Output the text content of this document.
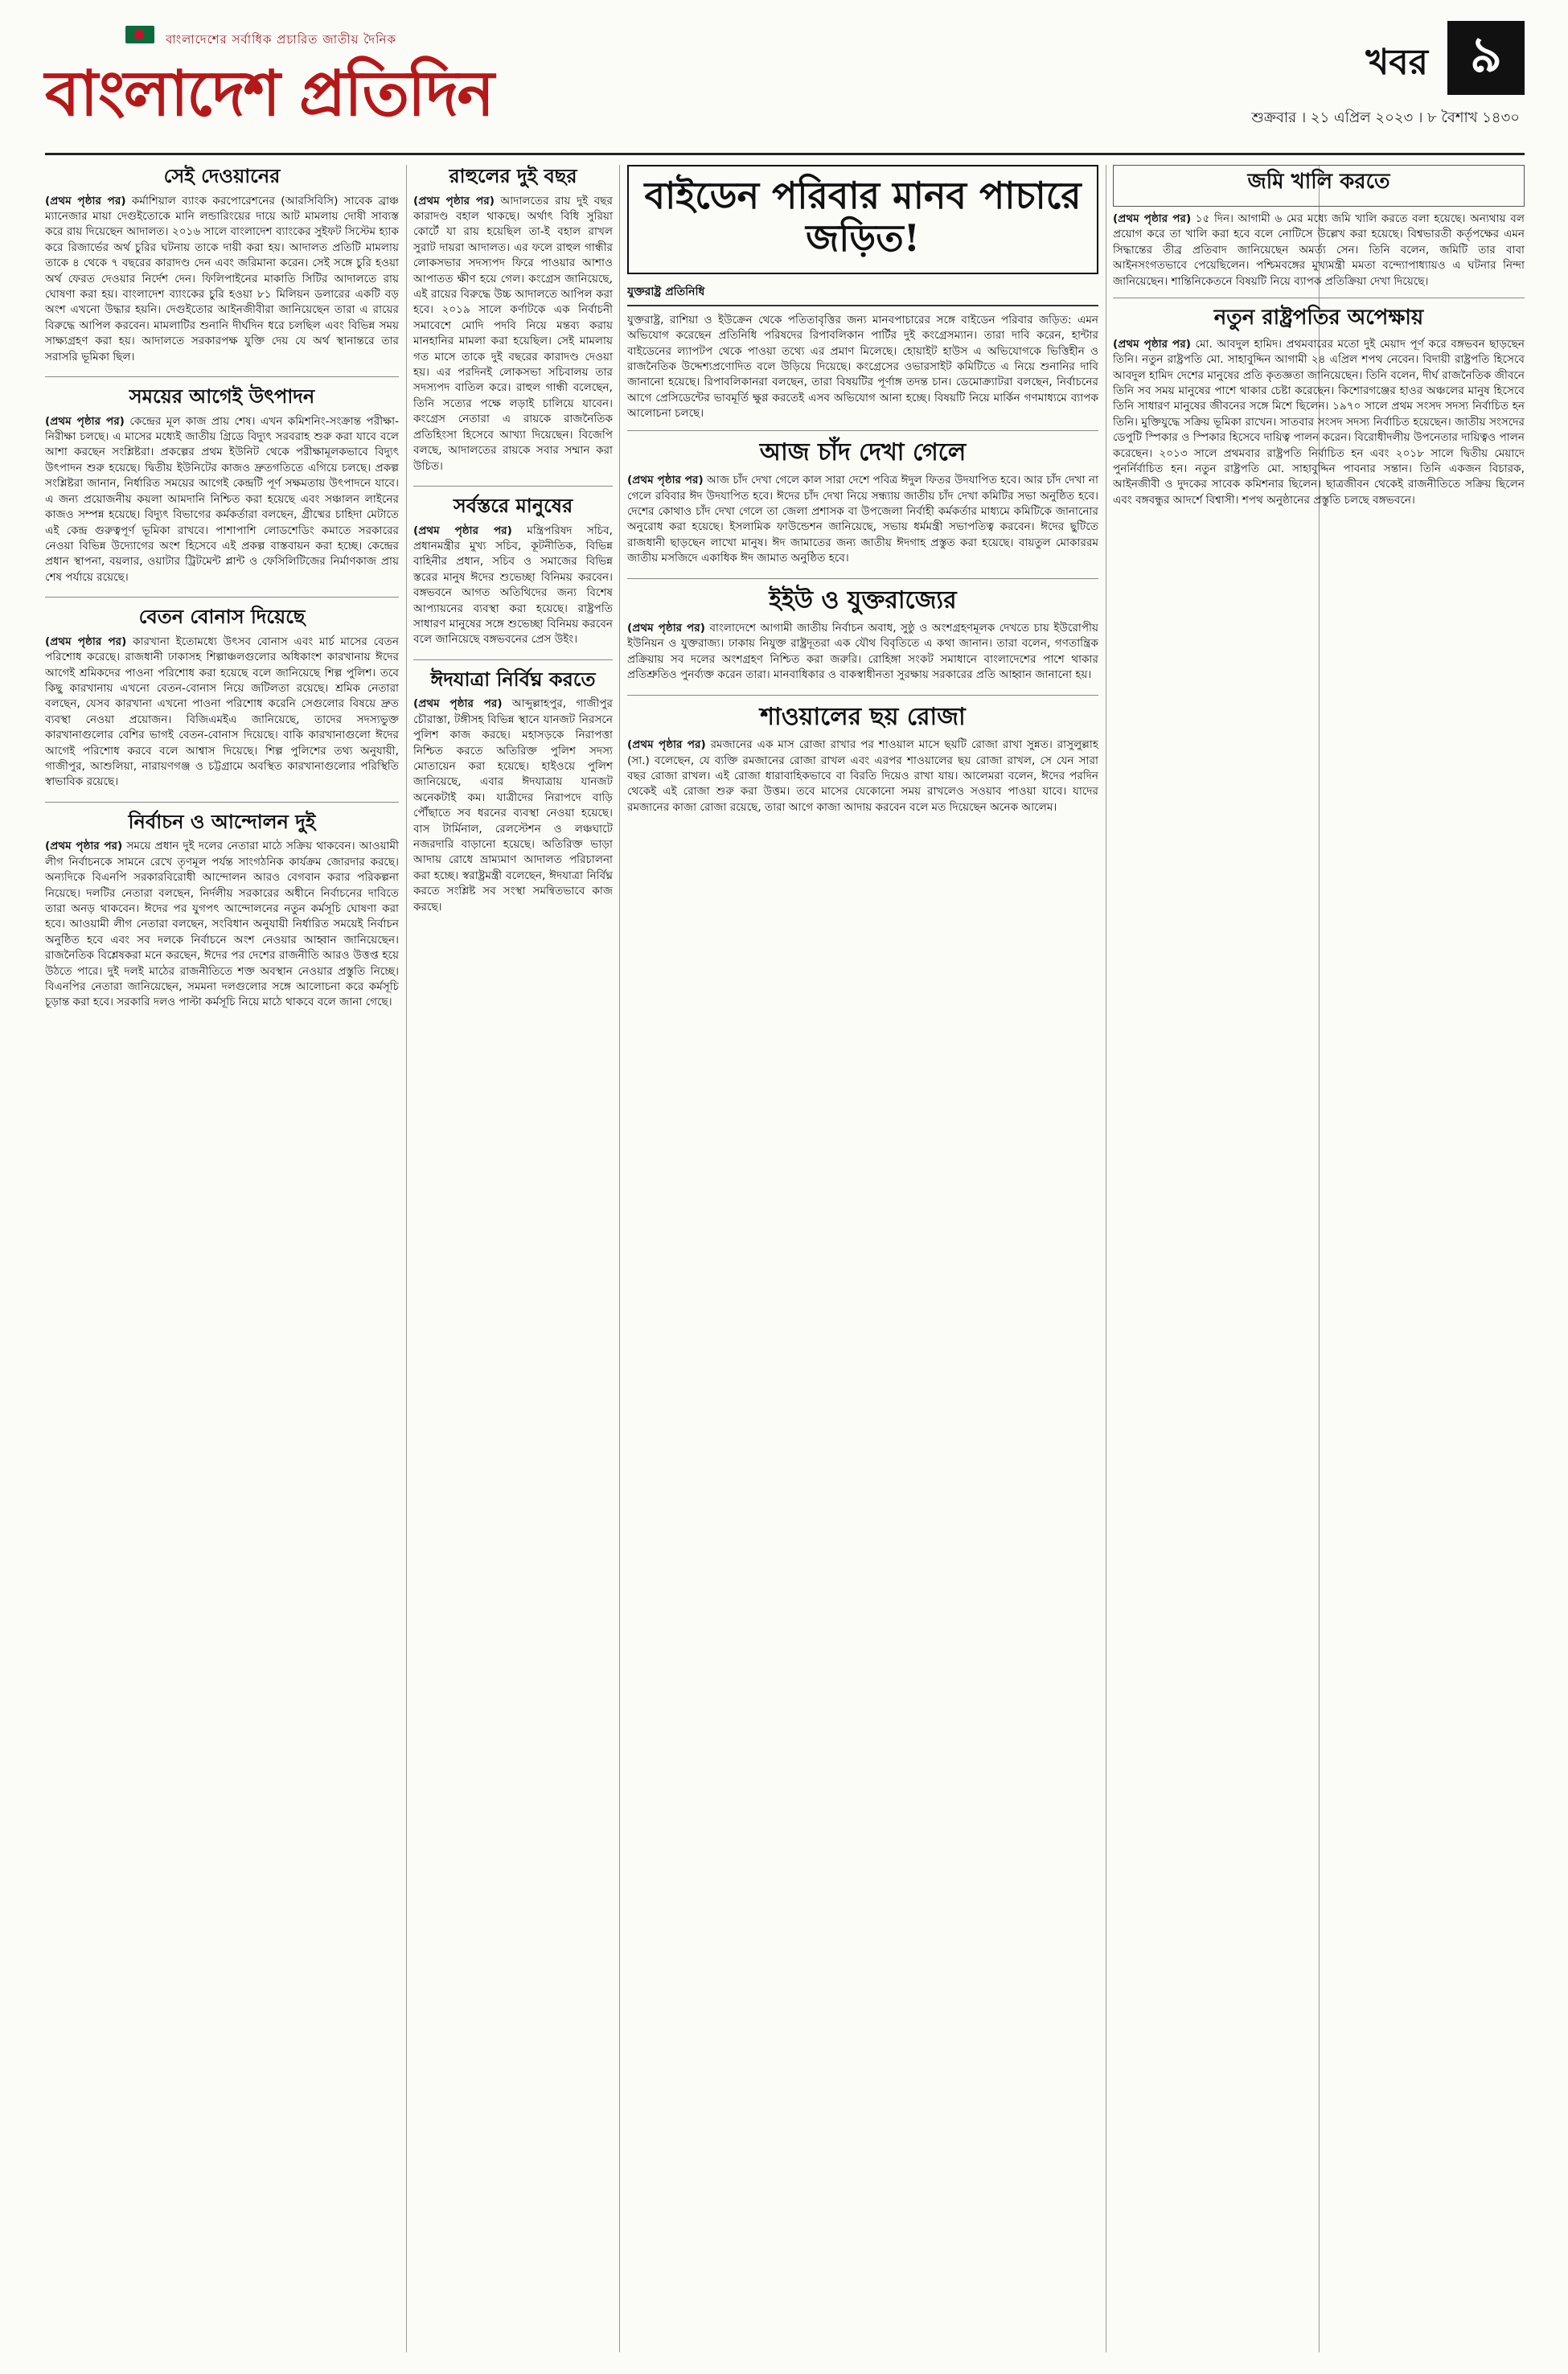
বাংলাদেশের সর্বাধিক প্রচারিত জাতীয় দৈনিক
বাংলাদেশ প্রতিদিন	খবর ৯
শুক্রবার । ২১ এপ্রিল ২০২৩ । ৮ বৈশাখ ১৪৩০
সেই দেওয়ানের

(প্রথম পৃষ্ঠার পর) কর্মাশিয়াল ব্যাংক করপোরেশনের (আরসিবিসি) সাবেক ব্রাঞ্চ ম্যানেজার মায়া দেগুইতোকে মানি লন্ডারিংয়ের দায়ে আট মামলায় দোষী সাব্যস্ত করে রায় দিয়েছেন আদালত। ২০১৬ সালে বাংলাদেশ ব্যাংকের সুইফট সিস্টেম হ্যাক করে রিজার্ভের অর্থ চুরির ঘটনায় তাকে দায়ী করা হয়। আদালত প্রতিটি মামলায় তাকে ৪ থেকে ৭ বছরের কারাদণ্ড দেন এবং জরিমানা করেন। সেই সঙ্গে চুরি হওয়া অর্থ ফেরত দেওয়ার নির্দেশ দেন। ফিলিপাইনের মাকাতি সিটির আদালতে রায় ঘোষণা করা হয়। বাংলাদেশ ব্যাংকের চুরি হওয়া ৮১ মিলিয়ন ডলারের একটি বড় অংশ এখনো উদ্ধার হয়নি। দেগুইতোর আইনজীবীরা জানিয়েছেন তারা এ রায়ের বিরুদ্ধে আপিল করবেন। মামলাটির শুনানি দীর্ঘদিন ধরে চলছিল এবং বিভিন্ন সময় সাক্ষ্যগ্রহণ করা হয়। আদালতে সরকারপক্ষ যুক্তি দেয় যে অর্থ স্থানান্তরে তার সরাসরি ভূমিকা ছিল।

সময়ের আগেই উৎপাদন

(প্রথম পৃষ্ঠার পর) কেন্দ্রের মূল কাজ প্রায় শেষ। এখন কমিশনিং-সংক্রান্ত পরীক্ষা-নিরীক্ষা চলছে। এ মাসের মধ্যেই জাতীয় গ্রিডে বিদ্যুৎ সরবরাহ শুরু করা যাবে বলে আশা করছেন সংশ্লিষ্টরা। প্রকল্পের প্রথম ইউনিট থেকে পরীক্ষামূলকভাবে বিদ্যুৎ উৎপাদন শুরু হয়েছে। দ্বিতীয় ইউনিটের কাজও দ্রুতগতিতে এগিয়ে চলছে। প্রকল্প সংশ্লিষ্টরা জানান, নির্ধারিত সময়ের আগেই কেন্দ্রটি পূর্ণ সক্ষমতায় উৎপাদনে যাবে। এ জন্য প্রয়োজনীয় কয়লা আমদানি নিশ্চিত করা হয়েছে এবং সঞ্চালন লাইনের কাজও সম্পন্ন হয়েছে। বিদ্যুৎ বিভাগের কর্মকর্তারা বলছেন, গ্রীষ্মের চাহিদা মেটাতে এই কেন্দ্র গুরুত্বপূর্ণ ভূমিকা রাখবে। পাশাপাশি লোডশেডিং কমাতে সরকারের নেওয়া বিভিন্ন উদ্যোগের অংশ হিসেবে এই প্রকল্প বাস্তবায়ন করা হচ্ছে। কেন্দ্রের প্রধান স্থাপনা, বয়লার, ওয়াটার ট্রিটমেন্ট প্লান্ট ও ফেসিলিটিজের নির্মাণকাজ প্রায় শেষ পর্যায়ে রয়েছে।

বেতন বোনাস দিয়েছে

(প্রথম পৃষ্ঠার পর) কারখানা ইতোমধ্যে উৎসব বোনাস এবং মার্চ মাসের বেতন পরিশোধ করেছে। রাজধানী ঢাকাসহ শিল্পাঞ্চলগুলোর অধিকাংশ কারখানায় ঈদের আগেই শ্রমিকদের পাওনা পরিশোধ করা হয়েছে বলে জানিয়েছে শিল্প পুলিশ। তবে কিছু কারখানায় এখনো বেতন-বোনাস নিয়ে জটিলতা রয়েছে। শ্রমিক নেতারা বলছেন, যেসব কারখানা এখনো পাওনা পরিশোধ করেনি সেগুলোর বিষয়ে দ্রুত ব্যবস্থা নেওয়া প্রয়োজন। বিজিএমইএ জানিয়েছে, তাদের সদস্যভুক্ত কারখানাগুলোর বেশির ভাগই বেতন-বোনাস দিয়েছে। বাকি কারখানাগুলো ঈদের আগেই পরিশোধ করবে বলে আশ্বাস দিয়েছে। শিল্প পুলিশের তথ্য অনুযায়ী, গাজীপুর, আশুলিয়া, নারায়ণগঞ্জ ও চট্টগ্রামে অবস্থিত কারখানাগুলোর পরিস্থিতি স্বাভাবিক রয়েছে।

নির্বাচন ও আন্দোলন দুই

(প্রথম পৃষ্ঠার পর) সময়ে প্রধান দুই দলের নেতারা মাঠে সক্রিয় থাকবেন। আওয়ামী লীগ নির্বাচনকে সামনে রেখে তৃণমূল পর্যন্ত সাংগঠনিক কার্যক্রম জোরদার করছে। অন্যদিকে বিএনপি সরকারবিরোধী আন্দোলন আরও বেগবান করার পরিকল্পনা নিয়েছে। দলটির নেতারা বলছেন, নির্দলীয় সরকারের অধীনে নির্বাচনের দাবিতে তারা অনড় থাকবেন। ঈদের পর যুগপৎ আন্দোলনের নতুন কর্মসূচি ঘোষণা করা হবে। আওয়ামী লীগ নেতারা বলছেন, সংবিধান অনুযায়ী নির্ধারিত সময়েই নির্বাচন অনুষ্ঠিত হবে এবং সব দলকে নির্বাচনে অংশ নেওয়ার আহ্বান জানিয়েছেন। রাজনৈতিক বিশ্লেষকরা মনে করছেন, ঈদের পর দেশের রাজনীতি আরও উত্তপ্ত হয়ে উঠতে পারে। দুই দলই মাঠের রাজনীতিতে শক্ত অবস্থান নেওয়ার প্রস্তুতি নিচ্ছে। বিএনপির নেতারা জানিয়েছেন, সমমনা দলগুলোর সঙ্গে আলোচনা করে কর্মসূচি চূড়ান্ত করা হবে। সরকারি দলও পাল্টা কর্মসূচি নিয়ে মাঠে থাকবে বলে জানা গেছে।

রাহুলের দুই বছর

(প্রথম পৃষ্ঠার পর) আদালতের রায় দুই বছর কারাদণ্ড বহাল থাকছে। অর্থাৎ বিধি সুরিয়া কোর্টে যা রায় হয়েছিল তা-ই বহাল রাখল সুরাট দায়রা আদালত। এর ফলে রাহুল গান্ধীর লোকসভার সদস্যপদ ফিরে পাওয়ার আশাও আপাতত ক্ষীণ হয়ে গেল। কংগ্রেস জানিয়েছে, এই রায়ের বিরুদ্ধে উচ্চ আদালতে আপিল করা হবে। ২০১৯ সালে কর্ণাটকে এক নির্বাচনী সমাবেশে মোদি পদবি নিয়ে মন্তব্য করায় মানহানির মামলা করা হয়েছিল। সেই মামলায় গত মাসে তাকে দুই বছরের কারাদণ্ড দেওয়া হয়। এর পরদিনই লোকসভা সচিবালয় তার সদস্যপদ বাতিল করে। রাহুল গান্ধী বলেছেন, তিনি সত্যের পক্ষে লড়াই চালিয়ে যাবেন। কংগ্রেস নেতারা এ রায়কে রাজনৈতিক প্রতিহিংসা হিসেবে আখ্যা দিয়েছেন। বিজেপি বলছে, আদালতের রায়কে সবার সম্মান করা উচিত।

সর্বস্তরে মানুষের

(প্রথম পৃষ্ঠার পর) মন্ত্রিপরিষদ সচিব, প্রধানমন্ত্রীর মুখ্য সচিব, কূটনীতিক, বিভিন্ন বাহিনীর প্রধান, সচিব ও সমাজের বিভিন্ন স্তরের মানুষ ঈদের শুভেচ্ছা বিনিময় করবেন। বঙ্গভবনে আগত অতিথিদের জন্য বিশেষ আপ্যায়নের ব্যবস্থা করা হয়েছে। রাষ্ট্রপতি সাধারণ মানুষের সঙ্গে শুভেচ্ছা বিনিময় করবেন বলে জানিয়েছে বঙ্গভবনের প্রেস উইং।

ঈদযাত্রা নির্বিঘ্ন করতে

(প্রথম পৃষ্ঠার পর) আব্দুল্লাহপুর, গাজীপুর চৌরাস্তা, টঙ্গীসহ বিভিন্ন স্থানে যানজট নিরসনে পুলিশ কাজ করছে। মহাসড়কে নিরাপত্তা নিশ্চিত করতে অতিরিক্ত পুলিশ সদস্য মোতায়েন করা হয়েছে। হাইওয়ে পুলিশ জানিয়েছে, এবার ঈদযাত্রায় যানজট অনেকটাই কম। যাত্রীদের নিরাপদে বাড়ি পৌঁছাতে সব ধরনের ব্যবস্থা নেওয়া হয়েছে। বাস টার্মিনাল, রেলস্টেশন ও লঞ্চঘাটে নজরদারি বাড়ানো হয়েছে। অতিরিক্ত ভাড়া আদায় রোধে ভ্রাম্যমাণ আদালত পরিচালনা করা হচ্ছে। স্বরাষ্ট্রমন্ত্রী বলেছেন, ঈদযাত্রা নির্বিঘ্ন করতে সংশ্লিষ্ট সব সংস্থা সমন্বিতভাবে কাজ করছে।

বাইডেন পরিবার মানব পাচারে জড়িত!
যুক্তরাষ্ট্র প্রতিনিধি

যুক্তরাষ্ট্র, রাশিয়া ও ইউক্রেন থেকে পতিতাবৃত্তির জন্য মানবপাচারের সঙ্গে বাইডেন পরিবার জড়িত: এমন অভিযোগ করেছেন প্রতিনিধি পরিষদের রিপাবলিকান পার্টির দুই কংগ্রেসম্যান। তারা দাবি করেন, হান্টার বাইডেনের ল্যাপটপ থেকে পাওয়া তথ্যে এর প্রমাণ মিলেছে। হোয়াইট হাউস এ অভিযোগকে ভিত্তিহীন ও রাজনৈতিক উদ্দেশ্যপ্রণোদিত বলে উড়িয়ে দিয়েছে। কংগ্রেসের ওভারসাইট কমিটিতে এ নিয়ে শুনানির দাবি জানানো হয়েছে। রিপাবলিকানরা বলছেন, তারা বিষয়টির পূর্ণাঙ্গ তদন্ত চান। ডেমোক্র্যাটরা বলছেন, নির্বাচনের আগে প্রেসিডেন্টের ভাবমূর্তি ক্ষুণ্ণ করতেই এসব অভিযোগ আনা হচ্ছে। বিষয়টি নিয়ে মার্কিন গণমাধ্যমে ব্যাপক আলোচনা চলছে।

আজ চাঁদ দেখা গেলে

(প্রথম পৃষ্ঠার পর) আজ চাঁদ দেখা গেলে কাল সারা দেশে পবিত্র ঈদুল ফিতর উদযাপিত হবে। আর চাঁদ দেখা না গেলে রবিবার ঈদ উদযাপিত হবে। ঈদের চাঁদ দেখা নিয়ে সন্ধ্যায় জাতীয় চাঁদ দেখা কমিটির সভা অনুষ্ঠিত হবে। দেশের কোথাও চাঁদ দেখা গেলে তা জেলা প্রশাসক বা উপজেলা নির্বাহী কর্মকর্তার মাধ্যমে কমিটিকে জানানোর অনুরোধ করা হয়েছে। ইসলামিক ফাউন্ডেশন জানিয়েছে, সভায় ধর্মমন্ত্রী সভাপতিত্ব করবেন। ঈদের ছুটিতে রাজধানী ছাড়ছেন লাখো মানুষ। ঈদ জামাতের জন্য জাতীয় ঈদগাহ প্রস্তুত করা হয়েছে। বায়তুল মোকাররম জাতীয় মসজিদে একাধিক ঈদ জামাত অনুষ্ঠিত হবে।

ইইউ ও যুক্তরাজ্যের

(প্রথম পৃষ্ঠার পর) বাংলাদেশে আগামী জাতীয় নির্বাচন অবাধ, সুষ্ঠু ও অংশগ্রহণমূলক দেখতে চায় ইউরোপীয় ইউনিয়ন ও যুক্তরাজ্য। ঢাকায় নিযুক্ত রাষ্ট্রদূতরা এক যৌথ বিবৃতিতে এ কথা জানান। তারা বলেন, গণতান্ত্রিক প্রক্রিয়ায় সব দলের অংশগ্রহণ নিশ্চিত করা জরুরি। রোহিঙ্গা সংকট সমাধানে বাংলাদেশের পাশে থাকার প্রতিশ্রুতিও পুনর্ব্যক্ত করেন তারা। মানবাধিকার ও বাকস্বাধীনতা সুরক্ষায় সরকারের প্রতি আহ্বান জানানো হয়।

শাওয়ালের ছয় রোজা

(প্রথম পৃষ্ঠার পর) রমজানের এক মাস রোজা রাখার পর শাওয়াল মাসে ছয়টি রোজা রাখা সুন্নত। রাসুলুল্লাহ (সা.) বলেছেন, যে ব্যক্তি রমজানের রোজা রাখল এবং এরপর শাওয়ালের ছয় রোজা রাখল, সে যেন সারা বছর রোজা রাখল। এই রোজা ধারাবাহিকভাবে বা বিরতি দিয়েও রাখা যায়। আলেমরা বলেন, ঈদের পরদিন থেকেই এই রোজা শুরু করা উত্তম। তবে মাসের যেকোনো সময় রাখলেও সওয়াব পাওয়া যাবে। যাদের রমজানের কাজা রোজা রয়েছে, তারা আগে কাজা আদায় করবেন বলে মত দিয়েছেন অনেক আলেম।

জমি খালি করতে

(প্রথম পৃষ্ঠার পর) ১৫ দিন। আগামী ৬ মের মধ্যে জমি খালি করতে বলা হয়েছে। অন্যথায় বল প্রয়োগ করে তা খালি করা হবে বলে নোটিসে উল্লেখ করা হয়েছে। বিশ্বভারতী কর্তৃপক্ষের এমন সিদ্ধান্তের তীব্র প্রতিবাদ জানিয়েছেন অমর্ত্য সেন। তিনি বলেন, জমিটি তার বাবা আইনসংগতভাবে পেয়েছিলেন। পশ্চিমবঙ্গের মুখ্যমন্ত্রী মমতা বন্দ্যোপাধ্যায়ও এ ঘটনার নিন্দা জানিয়েছেন। শান্তিনিকেতনে বিষয়টি নিয়ে ব্যাপক প্রতিক্রিয়া দেখা দিয়েছে।

নতুন রাষ্ট্রপতির অপেক্ষায়

(প্রথম পৃষ্ঠার পর) মো. আবদুল হামিদ। প্রথমবারের মতো দুই মেয়াদ পূর্ণ করে বঙ্গভবন ছাড়ছেন তিনি। নতুন রাষ্ট্রপতি মো. সাহাবুদ্দিন আগামী ২৪ এপ্রিল শপথ নেবেন। বিদায়ী রাষ্ট্রপতি হিসেবে আবদুল হামিদ দেশের মানুষের প্রতি কৃতজ্ঞতা জানিয়েছেন। তিনি বলেন, দীর্ঘ রাজনৈতিক জীবনে তিনি সব সময় মানুষের পাশে থাকার চেষ্টা করেছেন। কিশোরগঞ্জের হাওর অঞ্চলের মানুষ হিসেবে তিনি সাধারণ মানুষের জীবনের সঙ্গে মিশে ছিলেন। ১৯৭০ সালে প্রথম সংসদ সদস্য নির্বাচিত হন তিনি। মুক্তিযুদ্ধে সক্রিয় ভূমিকা রাখেন। সাতবার সংসদ সদস্য নির্বাচিত হয়েছেন। জাতীয় সংসদের ডেপুটি স্পিকার ও স্পিকার হিসেবে দায়িত্ব পালন করেন। বিরোধীদলীয় উপনেতার দায়িত্বও পালন করেছেন। ২০১৩ সালে প্রথমবার রাষ্ট্রপতি নির্বাচিত হন এবং ২০১৮ সালে দ্বিতীয় মেয়াদে পুনর্নির্বাচিত হন। নতুন রাষ্ট্রপতি মো. সাহাবুদ্দিন পাবনার সন্তান। তিনি একজন বিচারক, আইনজীবী ও দুদকের সাবেক কমিশনার ছিলেন। ছাত্রজীবন থেকেই রাজনীতিতে সক্রিয় ছিলেন এবং বঙ্গবন্ধুর আদর্শে বিশ্বাসী। শপথ অনুষ্ঠানের প্রস্তুতি চলছে বঙ্গভবনে।
